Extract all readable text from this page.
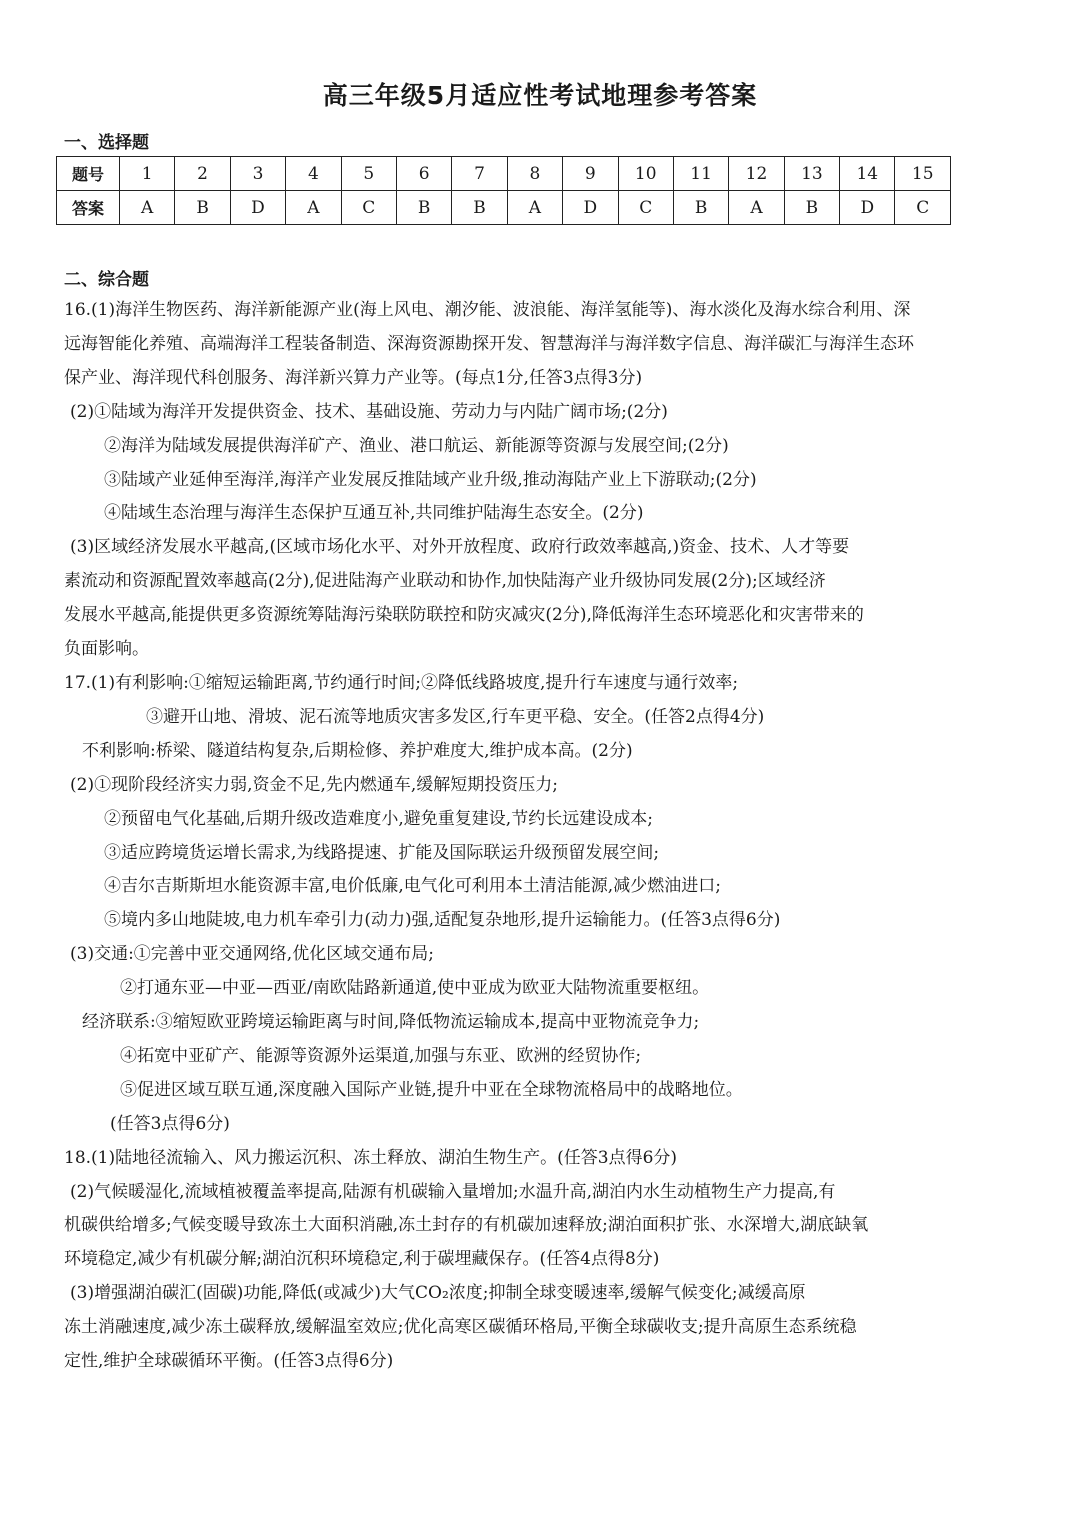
高三年级5月适应性考试地理参考答案
一、选择题
题号	1	2	3	4	5	6	7	8	9	10	11	12	13	14	15
答案	A	B	D	A	C	B	B	A	D	C	B	A	B	D	C
二、综合题

16.(1)海洋生物医药、海洋新能源产业(海上风电、潮汐能、波浪能、海洋氢能等)、海水淡化及海水综合利用、深

远海智能化养殖、高端海洋工程装备制造、深海资源勘探开发、智慧海洋与海洋数字信息、海洋碳汇与海洋生态环

保产业、海洋现代科创服务、海洋新兴算力产业等。(每点1分,任答3点得3分)

(2)①陆域为海洋开发提供资金、技术、基础设施、劳动力与内陆广阔市场;(2分)

②海洋为陆域发展提供海洋矿产、渔业、港口航运、新能源等资源与发展空间;(2分)

③陆域产业延伸至海洋,海洋产业发展反推陆域产业升级,推动海陆产业上下游联动;(2分)

④陆域生态治理与海洋生态保护互通互补,共同维护陆海生态安全。(2分)

(3)区域经济发展水平越高,(区域市场化水平、对外开放程度、政府行政效率越高,)资金、技术、人才等要

素流动和资源配置效率越高(2分),促进陆海产业联动和协作,加快陆海产业升级协同发展(2分);区域经济

发展水平越高,能提供更多资源统筹陆海污染联防联控和防灾减灾(2分),降低海洋生态环境恶化和灾害带来的

负面影响。

17.(1)有利影响:①缩短运输距离,节约通行时间;②降低线路坡度,提升行车速度与通行效率;

③避开山地、滑坡、泥石流等地质灾害多发区,行车更平稳、安全。(任答2点得4分)

不利影响:桥梁、隧道结构复杂,后期检修、养护难度大,维护成本高。(2分)

(2)①现阶段经济实力弱,资金不足,先内燃通车,缓解短期投资压力;

②预留电气化基础,后期升级改造难度小,避免重复建设,节约长远建设成本;

③适应跨境货运增长需求,为线路提速、扩能及国际联运升级预留发展空间;

④吉尔吉斯斯坦水能资源丰富,电价低廉,电气化可利用本土清洁能源,减少燃油进口;

⑤境内多山地陡坡,电力机车牵引力(动力)强,适配复杂地形,提升运输能力。(任答3点得6分)

(3)交通:①完善中亚交通网络,优化区域交通布局;

②打通东亚—中亚—西亚/南欧陆路新通道,使中亚成为欧亚大陆物流重要枢纽。

经济联系:③缩短欧亚跨境运输距离与时间,降低物流运输成本,提高中亚物流竞争力;

④拓宽中亚矿产、能源等资源外运渠道,加强与东亚、欧洲的经贸协作;

⑤促进区域互联互通,深度融入国际产业链,提升中亚在全球物流格局中的战略地位。

(任答3点得6分)

18.(1)陆地径流输入、风力搬运沉积、冻土释放、湖泊生物生产。(任答3点得6分)

(2)气候暖湿化,流域植被覆盖率提高,陆源有机碳输入量增加;水温升高,湖泊内水生动植物生产力提高,有

机碳供给增多;气候变暖导致冻土大面积消融,冻土封存的有机碳加速释放;湖泊面积扩张、水深增大,湖底缺氧

环境稳定,减少有机碳分解;湖泊沉积环境稳定,利于碳埋藏保存。(任答4点得8分)

(3)增强湖泊碳汇(固碳)功能,降低(或减少)大气CO₂浓度;抑制全球变暖速率,缓解气候变化;减缓高原

冻土消融速度,减少冻土碳释放,缓解温室效应;优化高寒区碳循环格局,平衡全球碳收支;提升高原生态系统稳

定性,维护全球碳循环平衡。(任答3点得6分)
